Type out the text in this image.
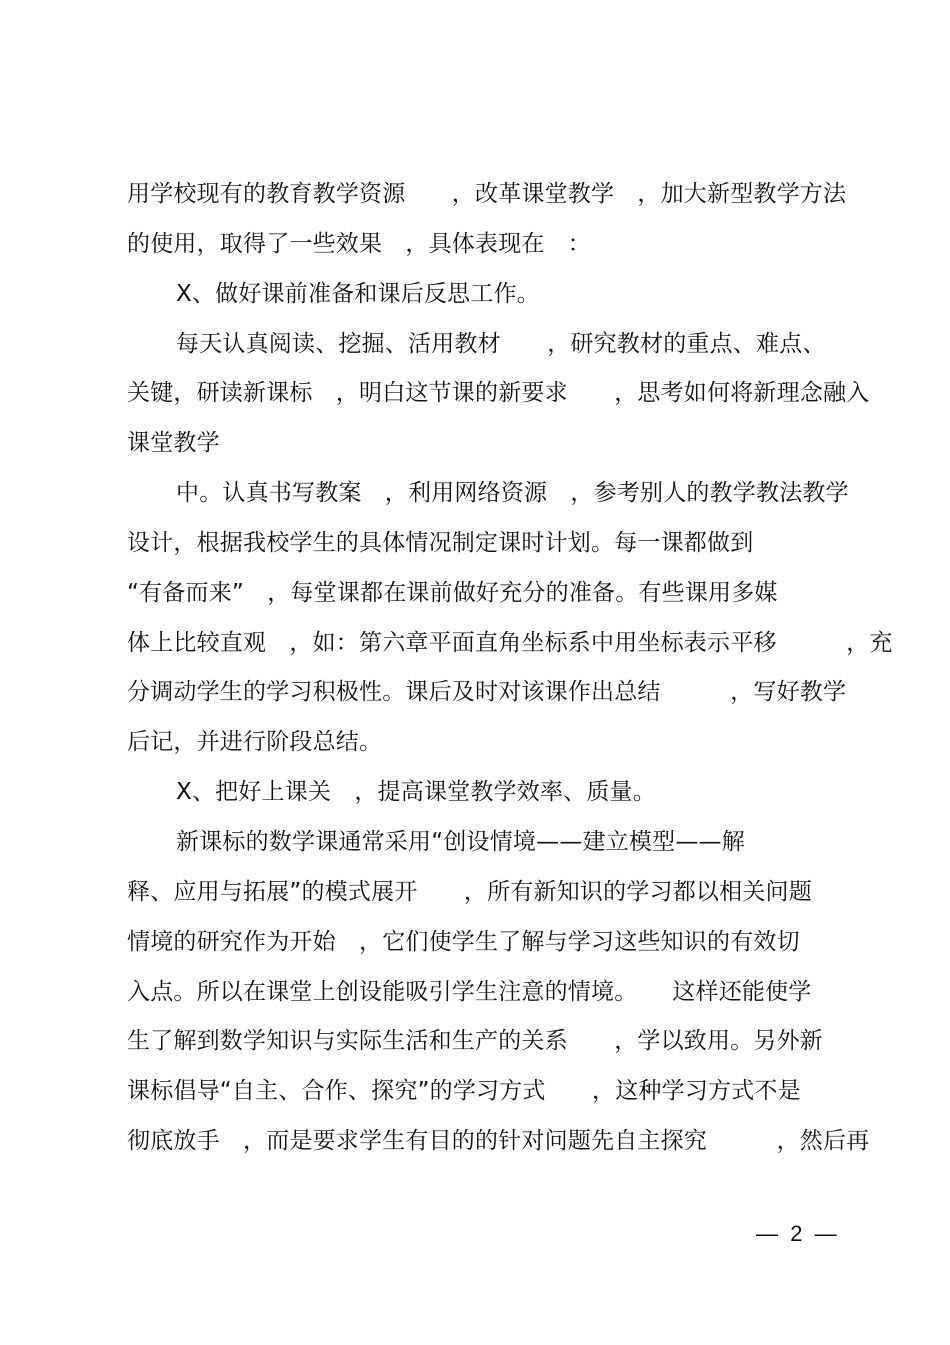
用学校现有的教育教学资源　　，改革课堂教学　，加大新型教学方法
的使用，取得了一些效果　，具体表现在　：
X、做好课前准备和课后反思工作。
每天认真阅读、挖掘、活用教材　　，研究教材的重点、难点、
关键，研读新课标　，明白这节课的新要求　　，思考如何将新理念融入
课堂教学
中。认真书写教案　，利用网络资源　，参考别人的教学教法教学
设计，根据我校学生的具体情况制定课时计划。每一课都做到
“有备而来”　，每堂课都在课前做好充分的准备。有些课用多媒
体上比较直观　，如：第六章平面直角坐标系中用坐标表示平移　　　，充
分调动学生的学习积极性。课后及时对该课作出总结　　　，写好教学
后记，并进行阶段总结。
X、把好上课关　，提高课堂教学效率、质量。
新课标的数学课通常采用“创设情境——建立模型——解
释、应用与拓展”的模式展开　　，所有新知识的学习都以相关问题
情境的研究作为开始　，它们使学生了解与学习这些知识的有效切
入点。所以在课堂上创设能吸引学生注意的情境。　　这样还能使学
生了解到数学知识与实际生活和生产的关系　　，学以致用。另外新
课标倡导“自主、合作、探究”的学习方式　　，这种学习方式不是
彻底放手　，而是要求学生有目的的针对问题先自主探究　　　，然后再
—  2  —
